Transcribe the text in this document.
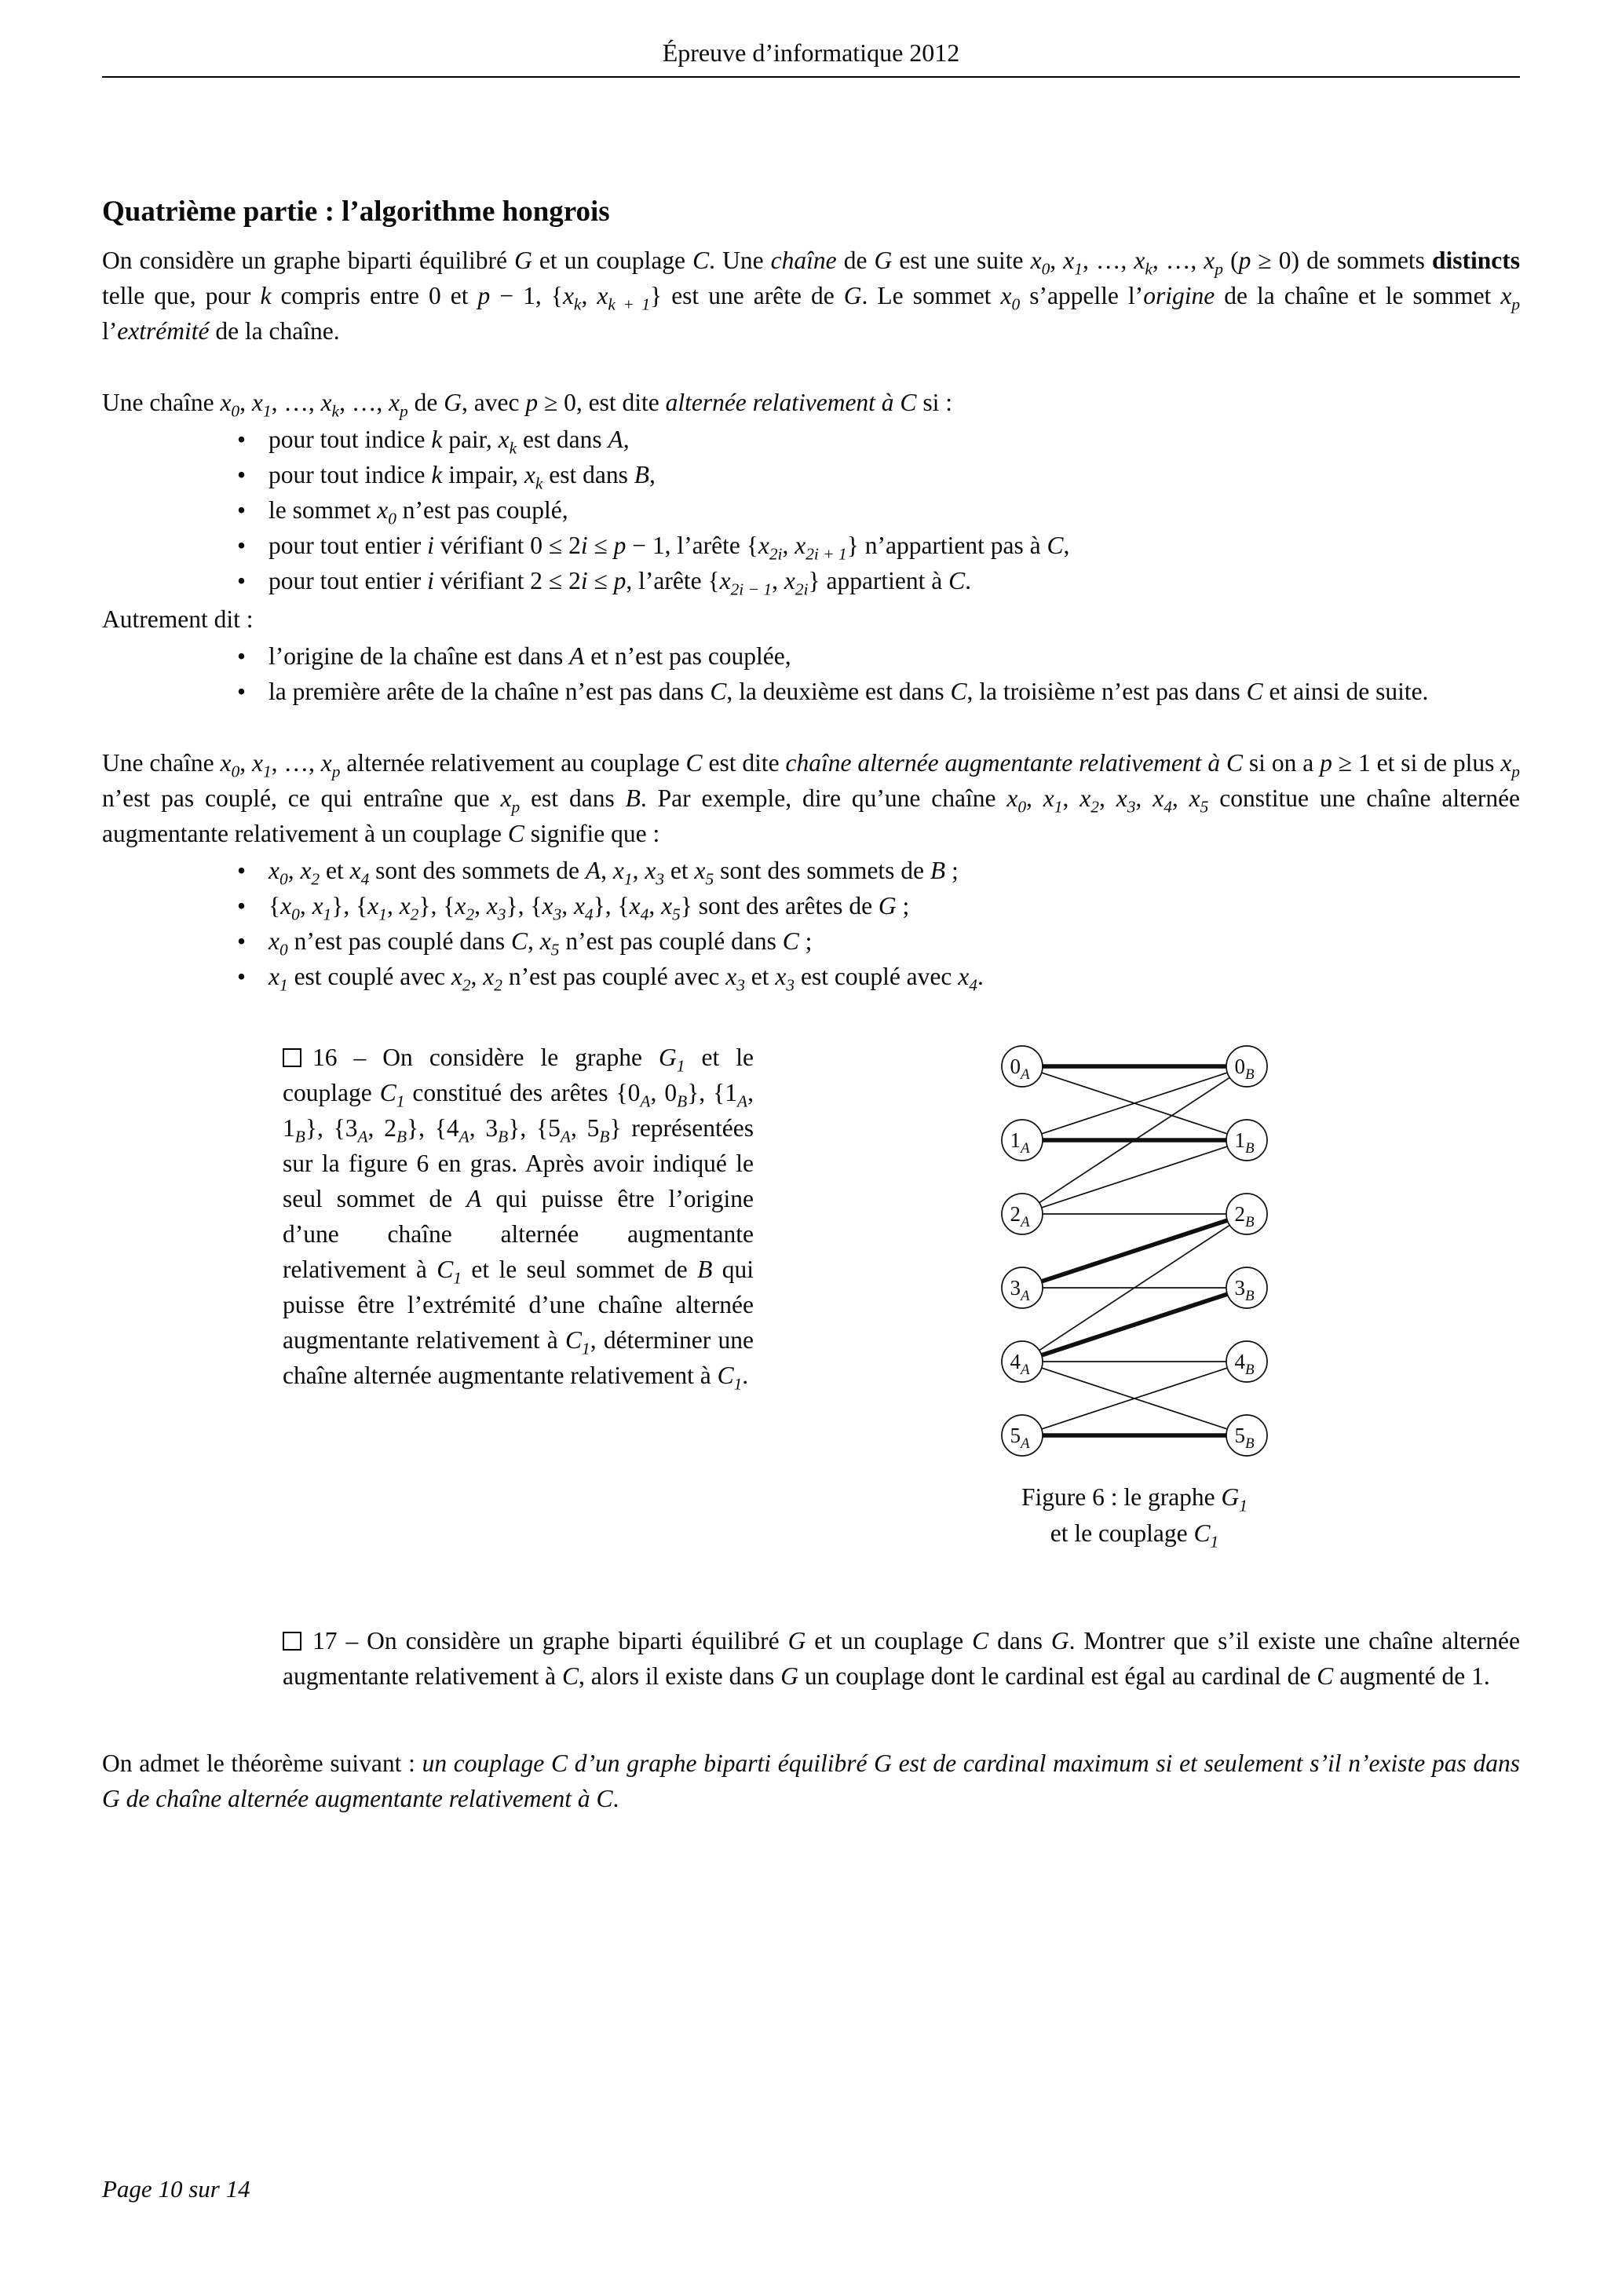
Épreuve d’informatique 2012
Quatrième partie : l’algorithme hongrois

On considère un graphe biparti équilibré G et un couplage C. Une chaîne de G est une suite $x_0$, $x_1$, …, $x_k$, …, $x_p$ (p ≥ 0) de sommets distincts telle que, pour k compris entre 0 et p − 1, {$x_k$, $x_{k + 1}$} est une arête de G. Le sommet $x_0$ s’appelle l’origine de la chaîne et le sommet $x_p$ l’extrémité de la chaîne.

Une chaîne $x_0$, $x_1$, …, $x_k$, …, $x_p$ de G, avec p ≥ 0, est dite alternée relativement à C si :

• pour tout indice k pair, $x_k$ est dans A,
• pour tout indice k impair, $x_k$ est dans B,
• le sommet $x_0$ n’est pas couplé,
• pour tout entier i vérifiant 0 ≤ 2i ≤ p − 1, l’arête {$x_{2i}$, $x_{2i + 1}$} n’appartient pas à C,
• pour tout entier i vérifiant 2 ≤ 2i ≤ p, l’arête {$x_{2i - 1}$, $x_{2i}$} appartient à C.

Autrement dit :

• l’origine de la chaîne est dans A et n’est pas couplée,
• la première arête de la chaîne n’est pas dans C, la deuxième est dans C, la troisième n’est pas dans C et ainsi de suite.

Une chaîne $x_0$, $x_1$, …, $x_p$ alternée relativement au couplage C est dite chaîne alternée augmentante relativement à C si on a p ≥ 1 et si de plus $x_p$ n’est pas couplé, ce qui entraîne que $x_p$ est dans B. Par exemple, dire qu’une chaîne $x_0$, $x_1$, $x_2$, $x_3$, $x_4$, $x_5$ constitue une chaîne alternée augmentante relativement à un couplage C signifie que :

• $x_0$, $x_2$ et $x_4$ sont des sommets de A, $x_1$, $x_3$ et $x_5$ sont des sommets de B ;
• {$x_0$, $x_1$}, {$x_1$, $x_2$}, {$x_2$, $x_3$}, {$x_3$, $x_4$}, {$x_4$, $x_5$} sont des arêtes de G ;
• $x_0$ n’est pas couplé dans C, $x_5$ n’est pas couplé dans C ;
• $x_1$ est couplé avec $x_2$, $x_2$ n’est pas couplé avec $x_3$ et $x_3$ est couplé avec $x_4$.
16 – On considère le graphe $G_1$ et le couplage $C_1$ constitué des arêtes {$0_A$, $0_B$}, {$1_A$, $1_B$}, {$3_A$, $2_B$}, {$4_A$, $3_B$}, {$5_A$, $5_B$} représentées sur la figure 6 en gras. Après avoir indiqué le seul sommet de A qui puisse être l’origine d’une chaîne alternée augmentante relativement à $C_1$ et le seul sommet de B qui puisse être l’extrémité d’une chaîne alternée augmentante relativement à $C_1$, déterminer une chaîne alternée augmentante relativement à $C_1$.
$0_A$
$1_A$
$2_A$
$3_A$
$4_A$
$5_A$
$0_B$
$1_B$
$2_B$
$3_B$
$4_B$
$5_B$
Figure 6 : le graphe $G_1$
et le couplage $C_1$

17 – On considère un graphe biparti équilibré G et un couplage C dans G. Montrer que s’il existe une chaîne alternée augmentante relativement à C, alors il existe dans G un couplage dont le cardinal est égal au cardinal de C augmenté de 1.

On admet le théorème suivant : un couplage C d’un graphe biparti équilibré G est de cardinal maximum si et seulement s’il n’existe pas dans G de chaîne alternée augmentante relativement à C.

Page 10 sur 14
